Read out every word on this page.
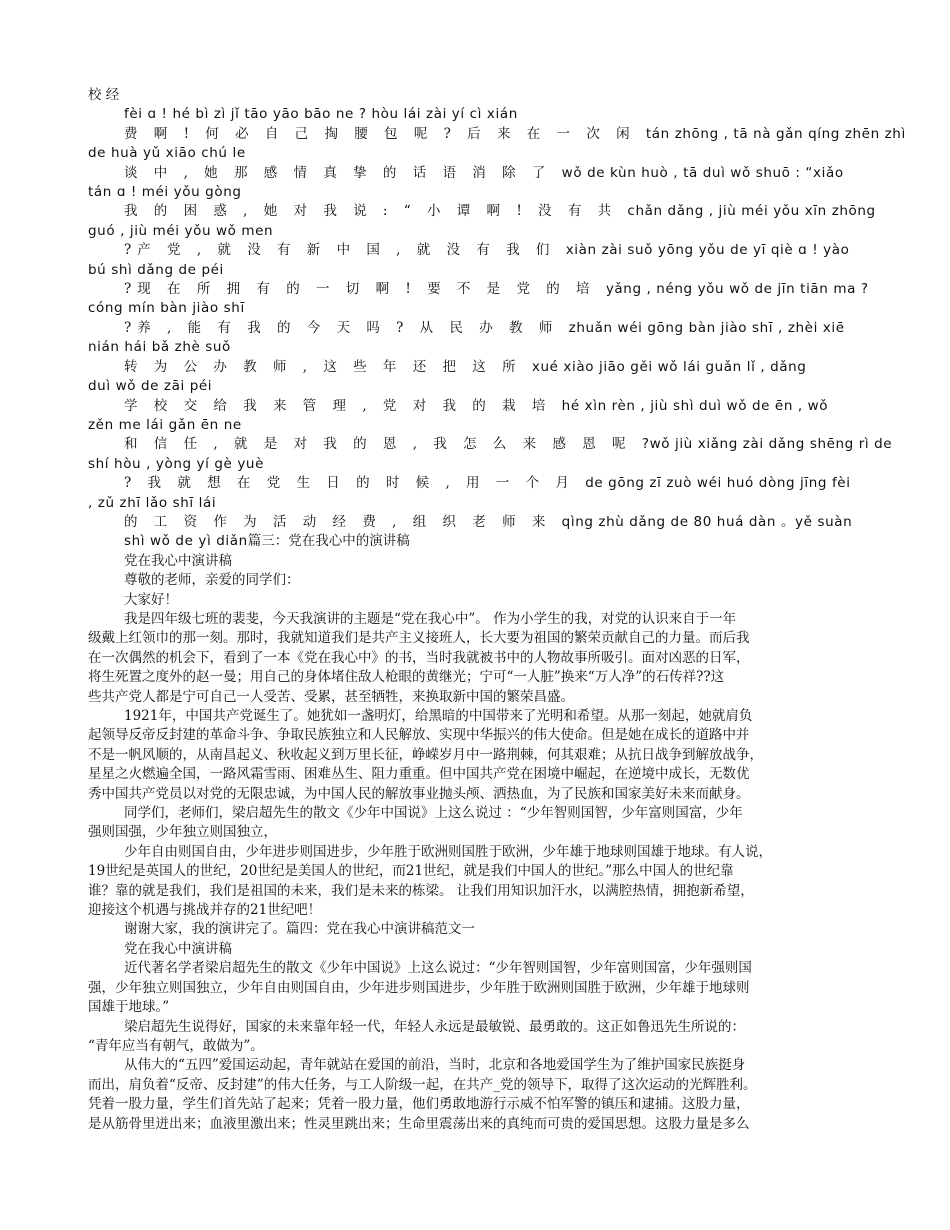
校 经
fèi ɑ ! hé bì zì jǐ tāo yāo bāo ne ? hòu lái zài yí cì xián
费 啊 ! 何 必 自 己 掏 腰 包 呢 ? 后 来 在 一 次 闲 tán zhōng , tā nà gǎn qíng zhēn zhì
de huà yǔ xiāo chú le
谈 中 , 她 那 感 情 真 挚 的 话 语 消 除 了 wǒ de kùn huò , tā duì wǒ shuō : “xiǎo
tán ɑ ! méi yǒu gòng
我 的 困 惑 , 她 对 我 说 : “ 小 谭 啊 ! 没 有 共 chǎn dǎng , jiù méi yǒu xīn zhōng
guó , jiù méi yǒu wǒ men
?产 党 , 就 没 有 新 中 国 , 就 没 有 我 们 xiàn zài suǒ yōng yǒu de yī qiè ɑ ! yào
bú shì dǎng de péi
?现 在 所 拥 有 的 一 切 啊 ! 要 不 是 党 的 培 yǎng , néng yǒu wǒ de jīn tiān ma ?
cóng mín bàn jiào shī
?养 , 能 有 我 的 今 天 吗 ? 从 民 办 教 师 zhuǎn wéi gōng bàn jiào shī , zhèi xiē
nián hái bǎ zhè suǒ
转 为 公 办 教 师 , 这 些 年 还 把 这 所 xué xiào jiāo gěi wǒ lái guǎn lǐ , dǎng
duì wǒ de zāi péi
学 校 交 给 我 来 管 理 , 党 对 我 的 栽 培 hé xìn rèn , jiù shì duì wǒ de ēn , wǒ
zěn me lái gǎn ēn ne
和 信 任 , 就 是 对 我 的 恩 , 我 怎 么 来 感 恩 呢 ?wǒ jiù xiǎng zài dǎng shēng rì de
shí hòu , yòng yí gè yuè
? 我 就 想 在 党 生 日 的 时 候 , 用 一 个 月 de gōng zī zuò wéi huó dòng jīng fèi
, zǔ zhī lǎo shī lái
的 工 资 作 为 活 动 经 费 , 组 织 老 师 来 qìng zhù dǎng de 80 huá dàn 。yě suàn
shì wǒ de yì diǎn篇三：党在我心中的演讲稿
党在我心中演讲稿
尊敬的老师，亲爱的同学们：
大家好！
我是四年级七班的裴斐，今天我演讲的主题是“党在我心中”。 作为小学生的我，对党的认识来自于一年
级戴上红领巾的那一刻。那时，我就知道我们是共产主义接班人，长大要为祖国的繁荣贡献自己的力量。而后我
在一次偶然的机会下，看到了一本《党在我心中》的书，当时我就被书中的人物故事所吸引。面对凶恶的日军，
将生死置之度外的赵一曼；用自己的身体堵住敌人枪眼的黄继光；宁可“一人脏”换来“万人净”的石传祥??这
些共产党人都是宁可自己一人受苦、受累，甚至牺牲，来换取新中国的繁荣昌盛。
1921年，中国共产党诞生了。她犹如一盏明灯，给黑暗的中国带来了光明和希望。从那一刻起，她就肩负
起领导反帝反封建的革命斗争、争取民族独立和人民解放、实现中华振兴的伟大使命。但是她在成长的道路中并
不是一帆风顺的，从南昌起义、秋收起义到万里长征，峥嵘岁月中一路荆棘，何其艰难；从抗日战争到解放战争，
星星之火燃遍全国，一路风霜雪雨、困难丛生、阻力重重。但中国共产党在困境中崛起，在逆境中成长，无数优
秀中国共产党员以对党的无限忠诚，为中国人民的解放事业抛头颅、洒热血，为了民族和国家美好未来而献身。
同学们，老师们，梁启超先生的散文《少年中国说》上这么说过 ：“少年智则国智，少年富则国富，少年
强则国强，少年独立则国独立，
少年自由则国自由，少年进步则国进步，少年胜于欧洲则国胜于欧洲，少年雄于地球则国雄于地球。有人说，
19世纪是英国人的世纪，20世纪是美国人的世纪，而21世纪，就是我们中国人的世纪。”那么中国人的世纪靠
谁？靠的就是我们，我们是祖国的未来，我们是未来的栋梁。 让我们用知识加汗水，以满腔热情，拥抱新希望，
迎接这个机遇与挑战并存的21世纪吧！
谢谢大家，我的演讲完了。篇四：党在我心中演讲稿范文一
党在我心中演讲稿
近代著名学者梁启超先生的散文《少年中国说》上这么说过：“少年智则国智，少年富则国富，少年强则国
强，少年独立则国独立，少年自由则国自由，少年进步则国进步，少年胜于欧洲则国胜于欧洲，少年雄于地球则
国雄于地球。”
梁启超先生说得好，国家的未来靠年轻一代，年轻人永远是最敏锐、最勇敢的。这正如鲁迅先生所说的：
“青年应当有朝气，敢做为”。
从伟大的“五四”爱国运动起，青年就站在爱国的前沿，当时，北京和各地爱国学生为了维护国家民族挺身
而出，肩负着“反帝、反封建”的伟大任务，与工人阶级一起，在共产_党的领导下，取得了这次运动的光辉胜利。
凭着一股力量，学生们首先站了起来；凭着一股力量，他们勇敢地游行示威不怕军警的镇压和逮捕。这股力量，
是从筋骨里迸出来；血液里激出来；性灵里跳出来；生命里震荡出来的真纯而可贵的爱国思想。这股力量是多么
